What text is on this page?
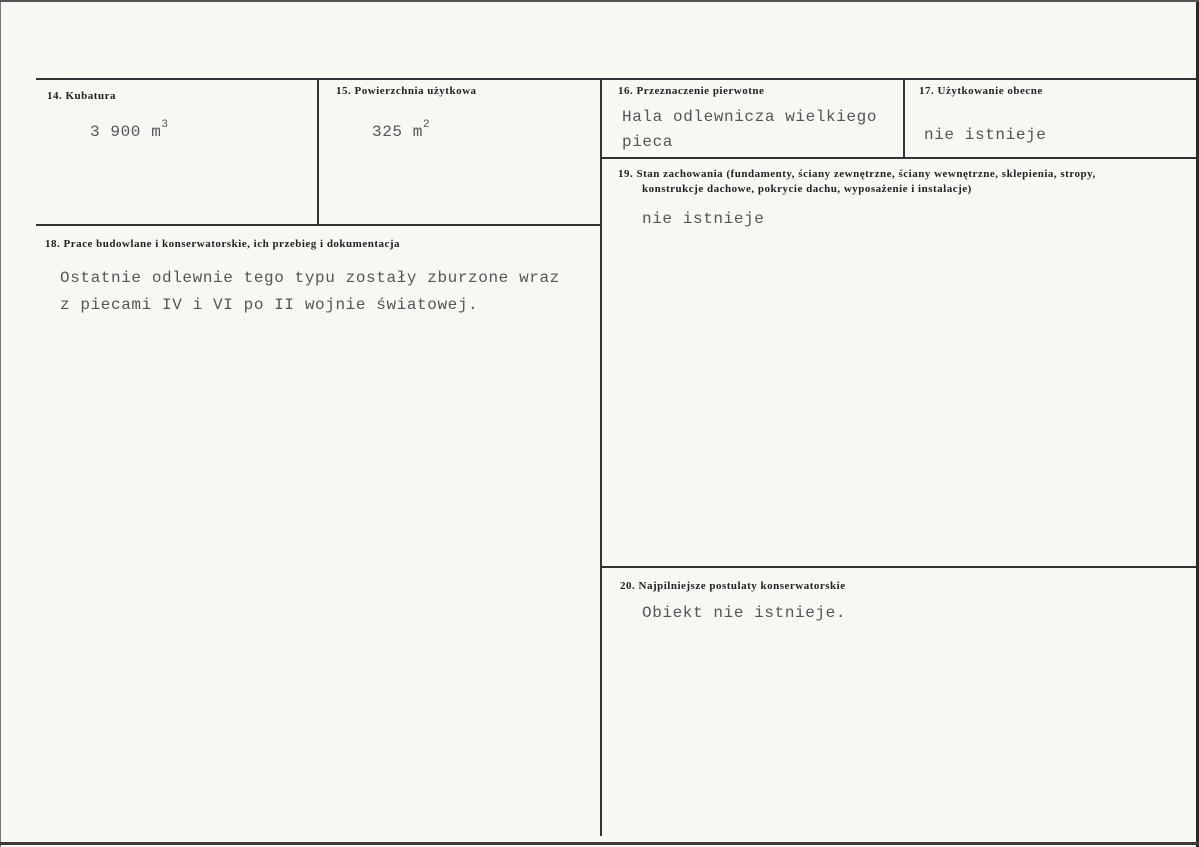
14. Kubatura
3 900 $m^3$
15. Powierzchnia użytkowa
325 $m^2$
16. Przeznaczenie pierwotne
Hala odlewnicza wielkiego
pieca
17. Użytkowanie obecne
nie istnieje
19. Stan zachowania (fundamenty, ściany zewnętrzne, ściany wewnętrzne, sklepienia, stropy,
konstrukcje dachowe, pokrycie dachu, wyposażenie i instalacje)
nie istnieje
18. Prace budowlane i konserwatorskie, ich przebieg i dokumentacja
Ostatnie odlewnie tego typu zostały zburzone wraz
z piecami IV i VI po II wojnie światowej.
20. Najpilniejsze postulaty konserwatorskie
Obiekt nie istnieje.
